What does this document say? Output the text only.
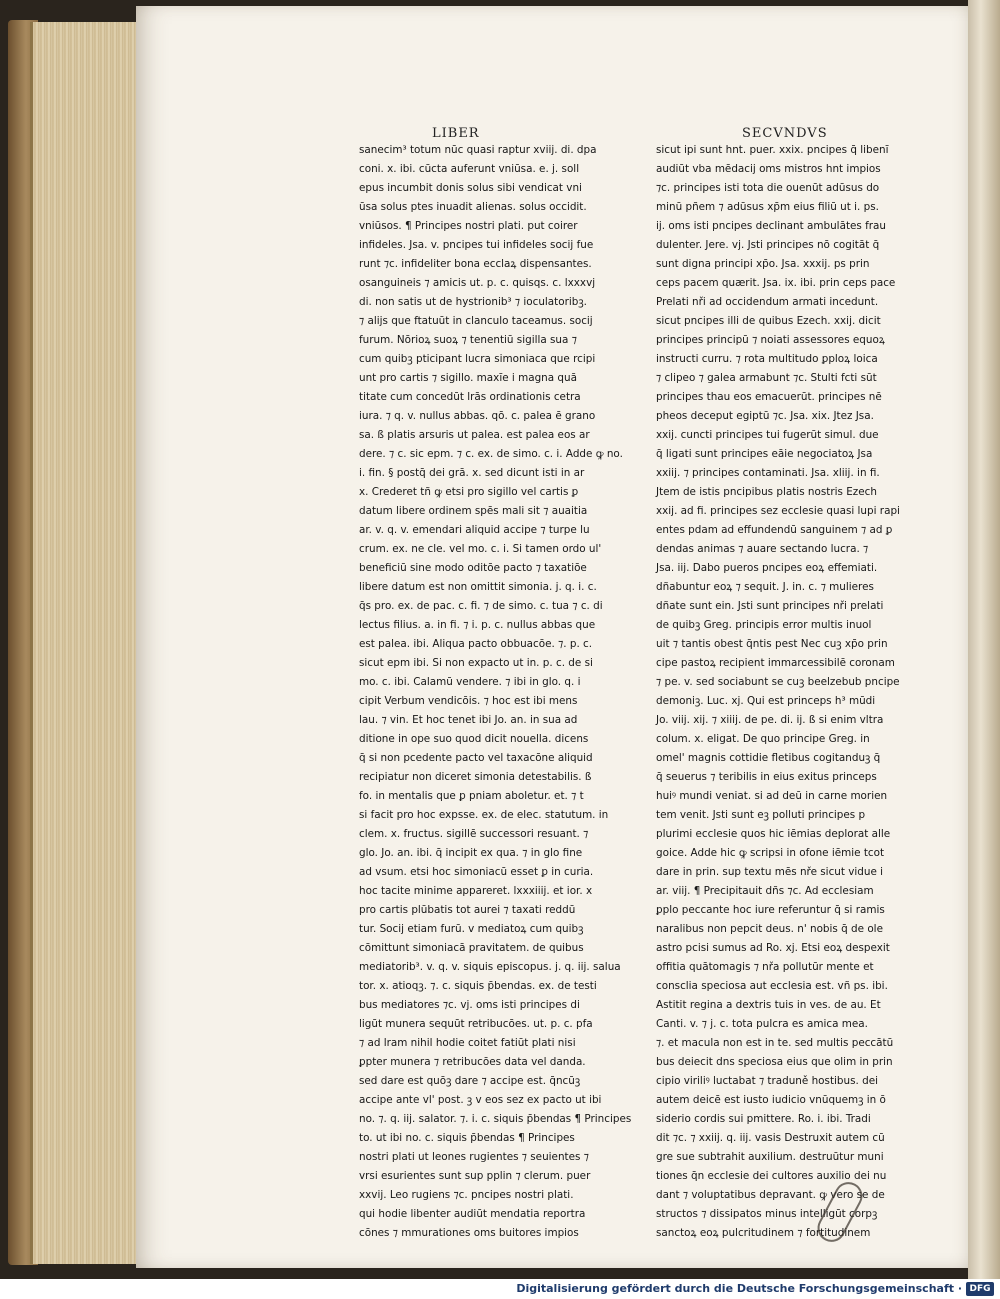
LIBER	SECVNDVS
sanecim³ totum nūc quasi raptur xviij. di. dpa
coni. x. ibi. cūcta auferunt vniūsa. e. j. soll
epus incumbit donis solus sibi vendicat vni
ūsa solus ptes inuadit alienas. solus occidit.
vniūsos. ¶ Principes nostri plati. put coirer
infideles. Jsa. v. pncipes tui infideles socij fue
runt ⁊c. infideliter bona ecclaꝝ dispensantes.
osanguineis ⁊ amicis ut. p. c. quisqs. c. lxxxvj
di. non satis ut de hystrionib³ ⁊ ioculatoribꝫ.
⁊ alijs que ftatuūt in clanculo taceamus. socij
furum. Nōrioꝝ suoꝝ ⁊ tenentiū sigilla sua ⁊
cum quibꝫ pticipant lucra simoniaca que rcipi
unt pro cartis ⁊ sigillo. maxīe i magna quā
titate cum concedūt lrās ordinationis cetra
iura. ⁊ q. v. nullus abbas. qō. c. palea ē grano
sa. ß platis arsuris ut palea. est palea eos ar
dere. ⁊ c. sic epm. ⁊ c. ex. de simo. c. i. Adde ꝙ no.
i. fin. § postq̄ dei grā. x. sed dicunt isti in ar
x. Crederet tñ ꝙ etsi pro sigillo vel cartis ꝑ
datum libere ordinem spēs mali sit ⁊ auaitia
ar. v. q. v. emendari aliquid accipe ⁊ turpe lu
crum. ex. ne cle. vel mo. c. i. Si tamen ordo ul'
beneficiū sine modo oditōe pacto ⁊ taxatiōe
libere datum est non omittit simonia. j. q. i. c.
q̄s pro. ex. de pac. c. fi. ⁊ de simo. c. tua ⁊ c. di
lectus filius. a. in fi. ⁊ i. p. c. nullus abbas que
est palea. ibi. Aliqua pacto obbuacōe. ⁊. p. c.
sicut epm ibi. Si non expacto ut in. p. c. de si
mo. c. ibi. Calamū vendere. ⁊ ibi in glo. q. i
cipit Verbum vendicōis. ⁊ hoc est ibi mens
lau. ⁊ vin. Et hoc tenet ibi Jo. an. in sua ad
ditione in ope suo quod dicit nouella. dicens
q̄ si non pcedente pacto vel taxacōne aliquid
recipiatur non diceret simonia detestabilis. ß
fo. in mentalis que ꝑ pniam aboletur. et. ⁊ t
si facit pro hoc expsse. ex. de elec. statutum. in
clem. x. fructus. sigillē successori resuant. ⁊
glo. Jo. an. ibi. q̄ incipit ex qua. ⁊ in glo fine
ad vsum. etsi hoc simoniacū esset ꝑ in curia.
hoc tacite minime appareret. lxxxiiij. et ior. x
pro cartis plūbatis tot aurei ⁊ taxati reddū
tur. Socij etiam furū. v mediatoꝝ cum quibꝫ
cōmittunt simoniacā pravitatem. de quibus
mediatorib³. v. q. v. siquis episcopus. j. q. iij. salua
tor. x. atioqꝫ. ⁊. c. siquis p̄bendas. ex. de testi
bus mediatores ⁊c. vj. oms isti principes di
ligūt munera sequūt retribucōes. ut. p. c. pfa
⁊ ad lram nihil hodie coitet fatiūt plati nisi
ꝑpter munera ⁊ retribucōes data vel danda.
sed dare est quōꝫ dare ⁊ accipe est. q̄ncūꝫ
accipe ante vl' post. ꝫ v eos sez ex pacto ut ibi
no. ⁊. q. iij. salator. ⁊. i. c. siquis p̄bendas ¶ Principes
to. ut ibi no. c. siquis p̄bendas ¶ Principes
nostri plati ut leones rugientes ⁊ seuientes ⁊
vrsi esurientes sunt sup pplin ⁊ clerum. puer
xxvij. Leo rugiens ⁊c. pncipes nostri plati.
qui hodie libenter audiūt mendatia reportra
cōnes ⁊ mmurationes oms buitores impios
sicut ipi sunt hnt. puer. xxix. pncipes q̄ libenī
audiūt vba mēdacij oms mistros hnt impios
⁊c. principes isti tota die ouenūt adūsus do
minū pñem ⁊ adūsus xp̄m eius filiū ut i. ps.
ij. oms isti pncipes declinant ambulātes frau
dulenter. Jere. vj. Jsti principes nō cogitāt q̄
sunt digna principi xp̄o. Jsa. xxxij. ps prin
ceps pacem quærit. Jsa. ix. ibi. prin ceps pace
Prelati nři ad occidendum armati incedunt.
sicut pncipes illi de quibus Ezech. xxij. dicit
principes principū ⁊ noiati assessores equoꝝ
instructi curru. ⁊ rota multitudo ꝑploꝝ loica
⁊ clipeo ⁊ galea armabunt ⁊c. Stulti fcti sūt
principes thau eos emacuerūt. principes nē
pheos deceput egiptū ⁊c. Jsa. xix. Jtez Jsa.
xxij. cuncti principes tui fugerūt simul. due
q̄ ligati sunt principes eāie negociatoꝝ Jsa
xxiij. ⁊ principes contaminati. Jsa. xliij. in fi.
Jtem de istis pncipibus platis nostris Ezech
xxij. ad fi. principes sez ecclesie quasi lupi rapi
entes pdam ad effundendū sanguinem ⁊ ad ꝑ
dendas animas ⁊ auare sectando lucra. ⁊
Jsa. iij. Dabo pueros pncipes eoꝝ effemiati.
dñabuntur eoꝝ ⁊ sequit. J. in. c. ⁊ mulieres
dñate sunt ein. Jsti sunt principes nři prelati
de quibꝫ Greg. principis error multis inuol
uit ⁊ tantis obest q̄ntis pest Nec cuꝫ xp̄o prin
cipe pastoꝝ recipient immarcessibilē coronam
⁊ pe. v. sed sociabunt se cuꝫ beelzebub pncipe
demoniꝫ. Luc. xj. Qui est princeps h³ mūdi
Jo. viij. xij. ⁊ xiiij. de pe. di. ij. ß si enim vltra
colum. x. eligat. De quo principe Greg. in
omel' magnis cottidie fletibus cogitanduꝫ q̄
q̄ seuerus ⁊ teribilis in eius exitus princeps
huiꝰ mundi veniat. si ad deū in carne morien
tem venit. Jsti sunt eꝫ polluti principes p
plurimi ecclesie quos hic iēmias deplorat alle
goice. Adde hic ꝙ scripsi in ofone iēmie tcot
dare in prin. sup textu mēs nře sicut vidue i
ar. viij. ¶ Precipitauit dñs ⁊c. Ad ecclesiam
ꝑplo peccante hoc iure referuntur q̄ si ramis
naralibus non pepcit deus. n' nobis q̄ de ole
astro pcisi sumus ad Ro. xj. Etsi eoꝝ despexit
offitia quātomagis ⁊ nřa pollutūr mente et
consclia speciosa aut ecclesia est. vñ ps. ibi.
Astitit regina a dextris tuis in ves. de au. Et
Canti. v. ⁊ j. c. tota pulcra es amica mea.
⁊. et macula non est in te. sed multis peccātū
bus deiecit dns speciosa eius que olim in prin
cipio viriliꝰ luctabat ⁊ traduně hostibus. dei
autem deicē est iusto iudicio vnūquemꝫ in ō
siderio cordis sui pmittere. Ro. i. ibi. Tradi
dit ⁊c. ⁊ xxiij. q. iij. vasis Destruxit autem cū
gre sue subtrahit auxilium. destruūtur muni
tiones q̄n ecclesie dei cultores auxilio dei nu
dant ⁊ voluptatibus depravant. ꝙ vero se de
structos ⁊ dissipatos minus intelligūt corpꝫ
sanctoꝝ eoꝝ pulcritudinem ⁊ fortitudinem
Digitalisierung gefördert durch die Deutsche Forschungsgemeinschaft · DFG
